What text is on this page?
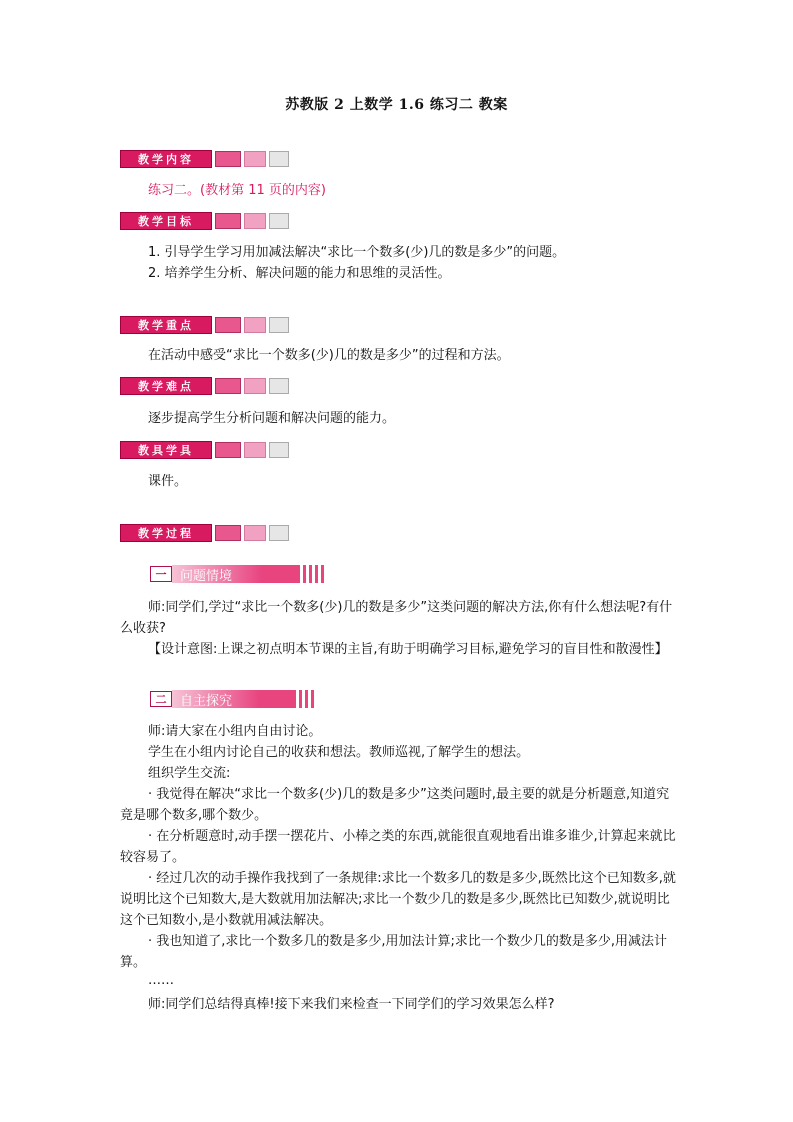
苏教版 2 上数学 1.6 练习二 教案
教学内容

练习二。(教材第 11 页的内容)

教学目标

1. 引导学生学习用加减法解决“求比一个数多(少)几的数是多少”的问题。

2. 培养学生分析、解决问题的能力和思维的灵活性。

教学重点

在活动中感受“求比一个数多(少)几的数是多少”的过程和方法。

教学难点

逐步提高学生分析问题和解决问题的能力。

教具学具

课件。

教学过程
一	问题情境

师:同学们,学过“求比一个数多(少)几的数是多少”这类问题的解决方法,你有什么想法呢?有什么收获?

【设计意图:上课之初点明本节课的主旨,有助于明确学习目标,避免学习的盲目性和散漫性】

二	自主探究

师:请大家在小组内自由讨论。

学生在小组内讨论自己的收获和想法。教师巡视,了解学生的想法。

组织学生交流:

· 我觉得在解决“求比一个数多(少)几的数是多少”这类问题时,最主要的就是分析题意,知道究竟是哪个数多,哪个数少。

· 在分析题意时,动手摆一摆花片、小棒之类的东西,就能很直观地看出谁多谁少,计算起来就比较容易了。

· 经过几次的动手操作我找到了一条规律:求比一个数多几的数是多少,既然比这个已知数多,就说明比这个已知数大,是大数就用加法解决;求比一个数少几的数是多少,既然比已知数少,就说明比这个已知数小,是小数就用减法解决。

· 我也知道了,求比一个数多几的数是多少,用加法计算;求比一个数少几的数是多少,用减法计算。

……

师:同学们总结得真棒!接下来我们来检查一下同学们的学习效果怎么样?
